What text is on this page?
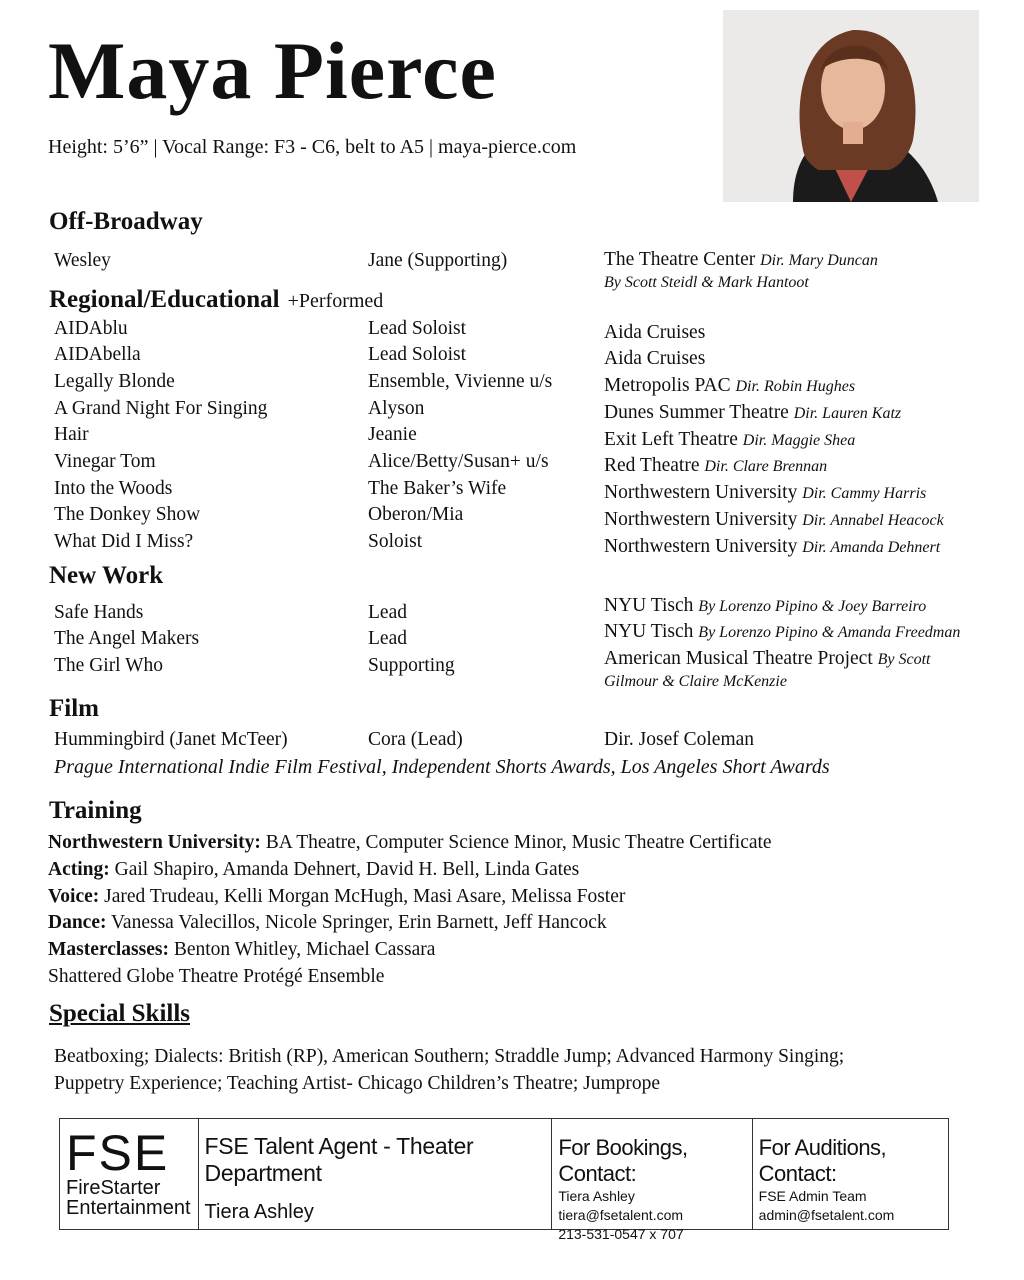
Maya Pierce
Height: 5’6” | Vocal Range: F3 - C6, belt to A5 | maya-pierce.com
Off-Broadway
Wesley	Jane (Supporting)	The Theatre Center Dir. Mary Duncan
By Scott Steidl & Mark Hantoot
Regional/Educational +Performed
AIDAblu	Lead Soloist	Aida Cruises
AIDAbella	Lead Soloist	Aida Cruises
Legally Blonde	Ensemble, Vivienne u/s	Metropolis PAC Dir. Robin Hughes
A Grand Night For Singing	Alyson	Dunes Summer Theatre Dir. Lauren Katz
Hair	Jeanie	Exit Left Theatre Dir. Maggie Shea
Vinegar Tom	Alice/Betty/Susan+ u/s	Red Theatre Dir. Clare Brennan
Into the Woods	The Baker’s Wife	Northwestern University Dir. Cammy Harris
The Donkey Show	Oberon/Mia	Northwestern University Dir. Annabel Heacock
What Did I Miss?	Soloist	Northwestern University Dir. Amanda Dehnert
New Work
Safe Hands	Lead	NYU Tisch By Lorenzo Pipino & Joey Barreiro
The Angel Makers	Lead	NYU Tisch By Lorenzo Pipino & Amanda Freedman
The Girl Who	Supporting	American Musical Theatre Project By Scott
Gilmour & Claire McKenzie
Film
Hummingbird (Janet McTeer)	Cora (Lead)	Dir. Josef Coleman
Prague International Indie Film Festival, Independent Shorts Awards, Los Angeles Short Awards
Training
Northwestern University: BA Theatre, Computer Science Minor, Music Theatre Certificate
Acting: Gail Shapiro, Amanda Dehnert, David H. Bell, Linda Gates
Voice: Jared Trudeau, Kelli Morgan McHugh, Masi Asare, Melissa Foster
Dance: Vanessa Valecillos, Nicole Springer, Erin Barnett, Jeff Hancock
Masterclasses: Benton Whitley, Michael Cassara
Shattered Globe Theatre Protégé Ensemble
Special Skills
Beatboxing; Dialects: British (RP), American Southern; Straddle Jump; Advanced Harmony Singing;
Puppetry Experience; Teaching Artist- Chicago Children’s Theatre; Jumprope
FSE
FireStarter
Entertainment
FSE Talent Agent - Theater Department
Tiera Ashley
For Bookings, Contact:
Tiera Ashley
tiera@fsetalent.com
213-531-0547 x 707
For Auditions, Contact:
FSE Admin Team
admin@fsetalent.com
